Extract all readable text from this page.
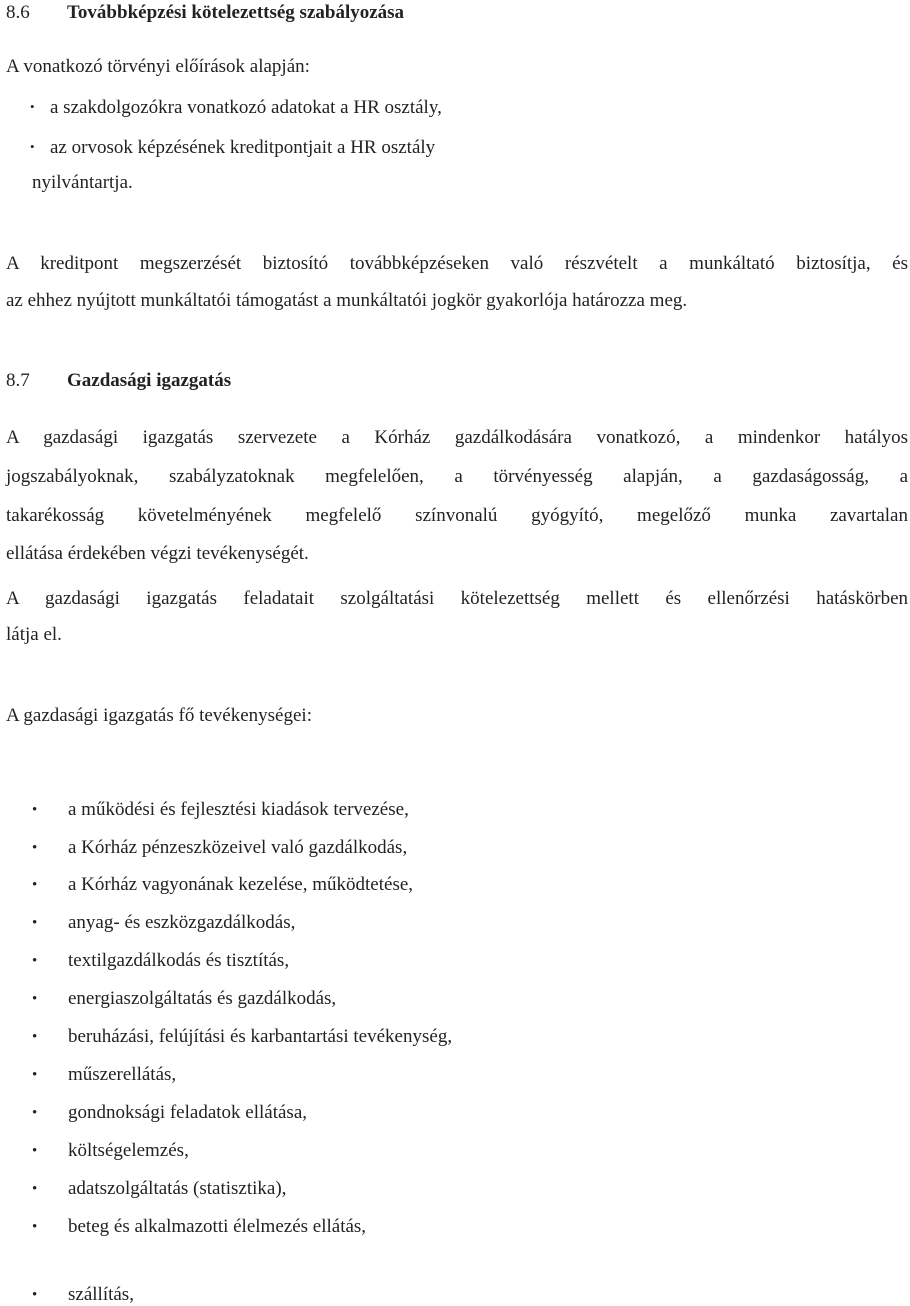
8.6 Továbbképzési kötelezettség szabályozása
A vonatkozó törvényi előírások alapján:
• a szakdolgozókra vonatkozó adatokat a HR osztály,
• az orvosok képzésének kreditpontjait a HR osztály
nyilvántartja.
A kreditpont megszerzését biztosító továbbképzéseken való részvételt a munkáltató biztosítja, és
az ehhez nyújtott munkáltatói támogatást a munkáltatói jogkör gyakorlója határozza meg.
8.7 Gazdasági igazgatás
A gazdasági igazgatás szervezete a Kórház gazdálkodására vonatkozó, a mindenkor hatályos
jogszabályoknak, szabályzatoknak megfelelően, a törvényesség alapján, a gazdaságosság, a
takarékosság követelményének megfelelő színvonalú gyógyító, megelőző munka zavartalan
ellátása érdekében végzi tevékenységét.
A gazdasági igazgatás feladatait szolgáltatási kötelezettség mellett és ellenőrzési hatáskörben
látja el.
A gazdasági igazgatás fő tevékenységei:
• a működési és fejlesztési kiadások tervezése,
• a Kórház pénzeszközeivel való gazdálkodás,
• a Kórház vagyonának kezelése, működtetése,
• anyag- és eszközgazdálkodás,
• textilgazdálkodás és tisztítás,
• energiaszolgáltatás és gazdálkodás,
• beruházási, felújítási és karbantartási tevékenység,
• műszerellátás,
• gondnoksági feladatok ellátása,
• költségelemzés,
• adatszolgáltatás (statisztika),
• beteg és alkalmazotti élelmezés ellátás,
• szállítás,
